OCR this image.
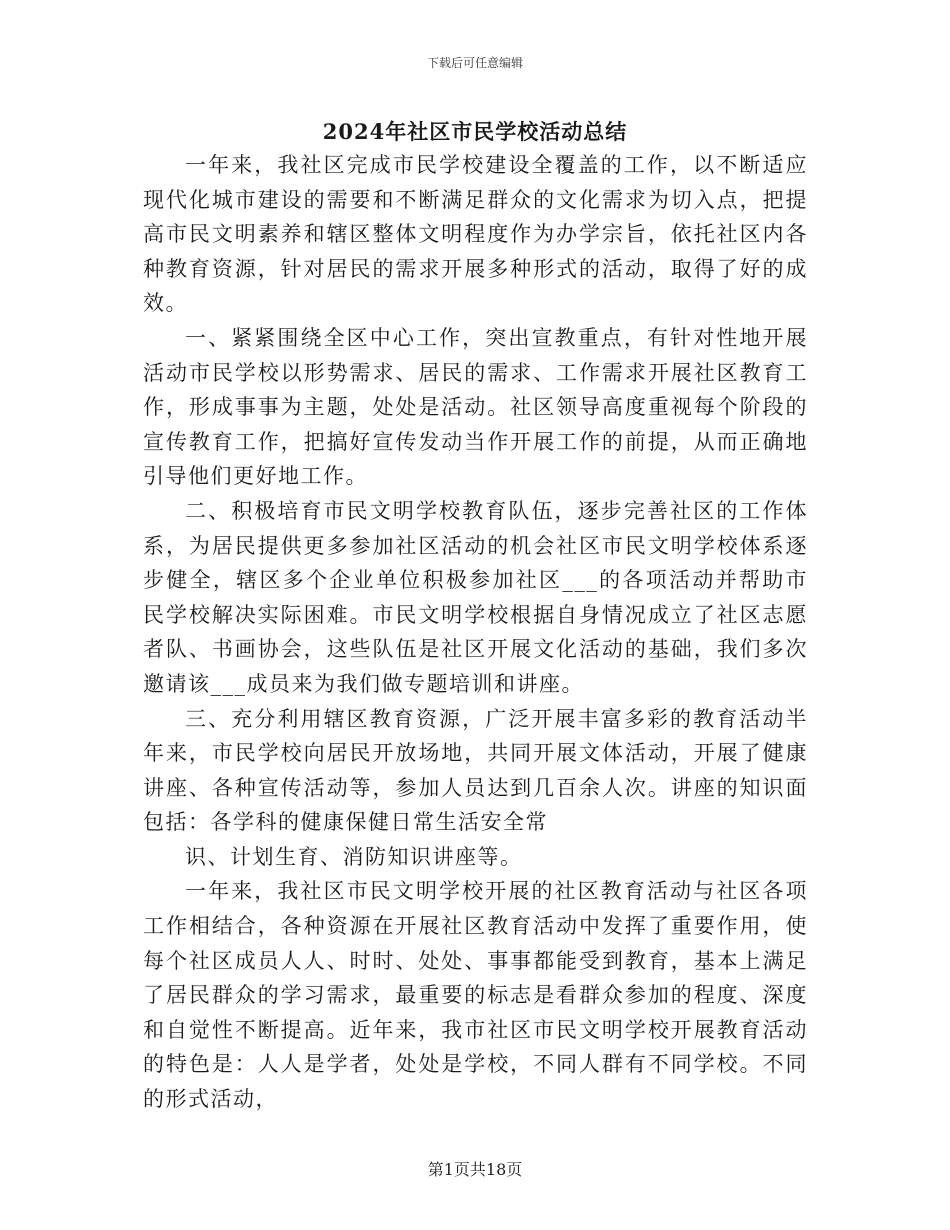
下载后可任意编辑
2024年社区市民学校活动总结

一年来，我社区完成市民学校建设全覆盖的工作，以不断适应现代化城市建设的需要和不断满足群众的文化需求为切入点，把提高市民文明素养和辖区整体文明程度作为办学宗旨，依托社区内各种教育资源，针对居民的需求开展多种形式的活动，取得了好的成效。

一、紧紧围绕全区中心工作，突出宣教重点，有针对性地开展活动市民学校以形势需求、居民的需求、工作需求开展社区教育工作，形成事事为主题，处处是活动。社区领导高度重视每个阶段的宣传教育工作，把搞好宣传发动当作开展工作的前提，从而正确地引导他们更好地工作。

二、积极培育市民文明学校教育队伍，逐步完善社区的工作体系，为居民提供更多参加社区活动的机会社区市民文明学校体系逐步健全，辖区多个企业单位积极参加社区___的各项活动并帮助市民学校解决实际困难。市民文明学校根据自身情况成立了社区志愿者队、书画协会，这些队伍是社区开展文化活动的基础，我们多次邀请该___成员来为我们做专题培训和讲座。

三、充分利用辖区教育资源，广泛开展丰富多彩的教育活动半年来，市民学校向居民开放场地，共同开展文体活动，开展了健康讲座、各种宣传活动等，参加人员达到几百余人次。讲座的知识面包括：各学科的健康保健日常生活安全常

识、计划生育、消防知识讲座等。

一年来，我社区市民文明学校开展的社区教育活动与社区各项工作相结合，各种资源在开展社区教育活动中发挥了重要作用，使每个社区成员人人、时时、处处、事事都能受到教育，基本上满足了居民群众的学习需求，最重要的标志是看群众参加的程度、深度和自觉性不断提高。近年来，我市社区市民文明学校开展教育活动的特色是：人人是学者，处处是学校，不同人群有不同学校。不同的形式活动，

第1页共18页
